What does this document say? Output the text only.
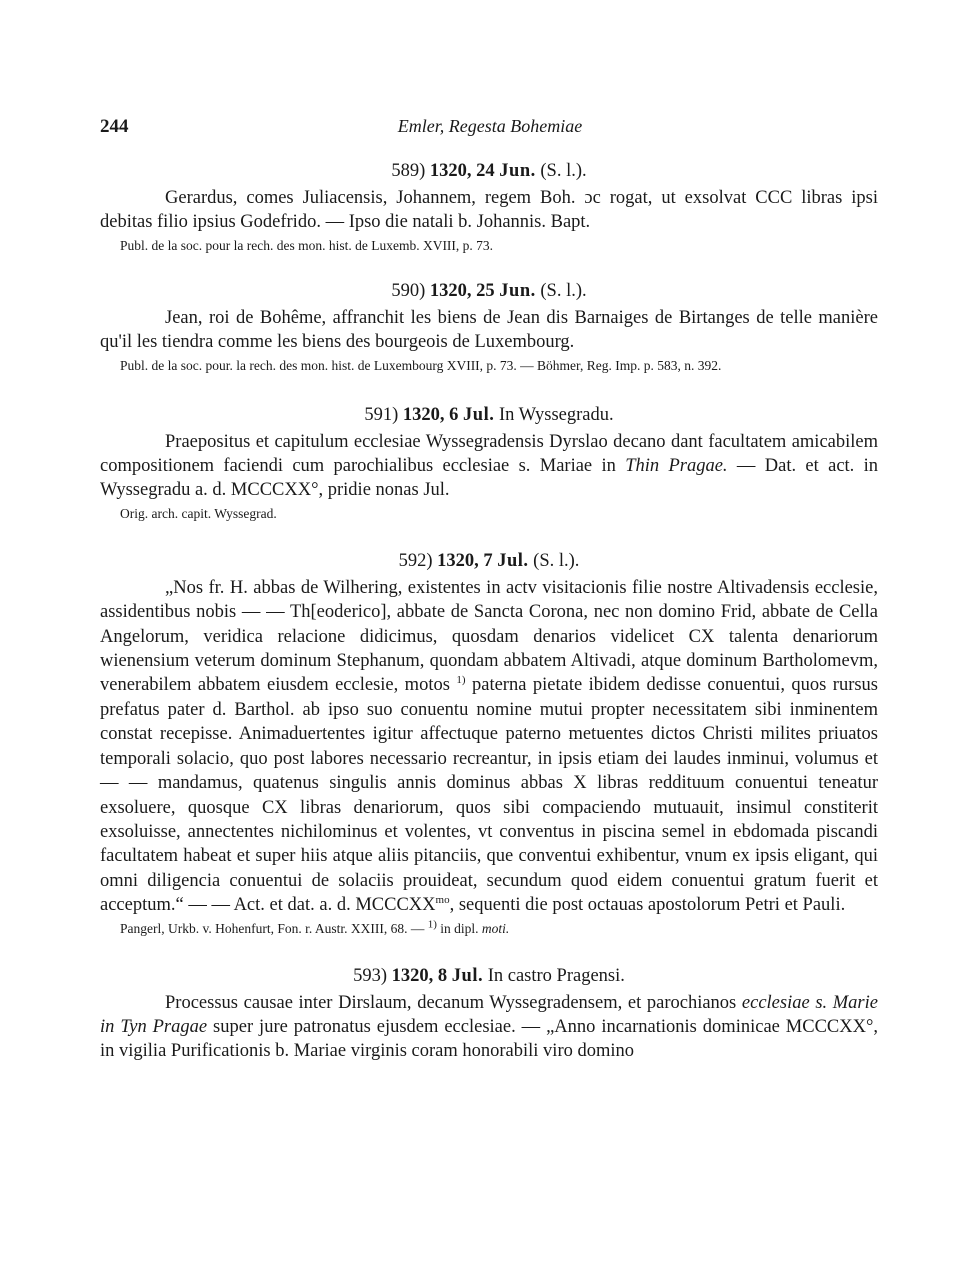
244	Emler, Regesta Bohemiae
589) 1320, 24 Jun. (S. l.).

Gerardus, comes Juliacensis, Johannem, regem Boh. ɔc rogat, ut exsolvat CCC libras ipsi debitas filio ipsius Godefrido. — Ipso die natali b. Johannis. Bapt.

Publ. de la soc. pour la rech. des mon. hist. de Luxemb. XVIII, p. 73.
590) 1320, 25 Jun. (S. l.).

Jean, roi de Bohême, affranchit les biens de Jean dis Barnaiges de Birtanges de telle manière qu'il les tiendra comme les biens des bourgeois de Luxembourg.

Publ. de la soc. pour. la rech. des mon. hist. de Luxembourg XVIII, p. 73. — Böhmer, Reg. Imp. p. 583, n. 392.
591) 1320, 6 Jul. In Wyssegradu.

Praepositus et capitulum ecclesiae Wyssegradensis Dyrslao decano dant facultatem amicabilem compositionem faciendi cum parochialibus ecclesiae s. Mariae in Thin Pragae. — Dat. et act. in Wyssegradu a. d. MCCCXX°, pridie nonas Jul.

Orig. arch. capit. Wyssegrad.
592) 1320, 7 Jul. (S. l.).

„Nos fr. H. abbas de Wilhering, existentes in actv visitacionis filie nostre Altivadensis ecclesie, assidentibus nobis — — Th[eoderico], abbate de Sancta Corona, nec non domino Frid, abbate de Cella Angelorum, veridica relacione didicimus, quosdam denarios videlicet CX talenta denariorum wienensium veterum dominum Stephanum, quondam abbatem Altivadi, atque dominum Bartholomevm, venerabilem abbatem eiusdem ecclesie, motos $^{1)}$ paterna pietate ibidem dedisse conuentui, quos rursus prefatus pater d. Barthol. ab ipso suo conuentu nomine mutui propter necessitatem sibi inminentem constat recepisse. Animaduertentes igitur affectuque paterno metuentes dictos Christi milites priuatos temporali solacio, quo post labores necessario recreantur, in ipsis etiam dei laudes inminui, volumus et — — mandamus, quatenus singulis annis dominus abbas X libras reddituum conuentui teneatur exsoluere, quosque CX libras denariorum, quos sibi compaciendo mutuauit, insimul constiterit exsoluisse, annectentes nichilominus et volentes, vt conventus in piscina semel in ebdomada piscandi facultatem habeat et super hiis atque aliis pitanciis, que conventui exhibentur, vnum ex ipsis eligant, qui omni diligencia conuentui de solaciis prouideat, secundum quod eidem conuentui gratum fuerit et acceptum.“ — — Act. et dat. a. d. $MCCCXX^{mo}$, sequenti die post octauas apostolorum Petri et Pauli.

Pangerl, Urkb. v. Hohenfurt, Fon. r. Austr. XXIII, 68. — $^{1)}$ in dipl. moti.
593) 1320, 8 Jul. In castro Pragensi.

Processus causae inter Dirslaum, decanum Wyssegradensem, et parochianos ecclesiae s. Marie in Tyn Pragae super jure patronatus ejusdem ecclesiae. — „Anno incarnationis dominicae MCCCXX°, in vigilia Purificationis b. Mariae virginis coram honorabili viro domino
